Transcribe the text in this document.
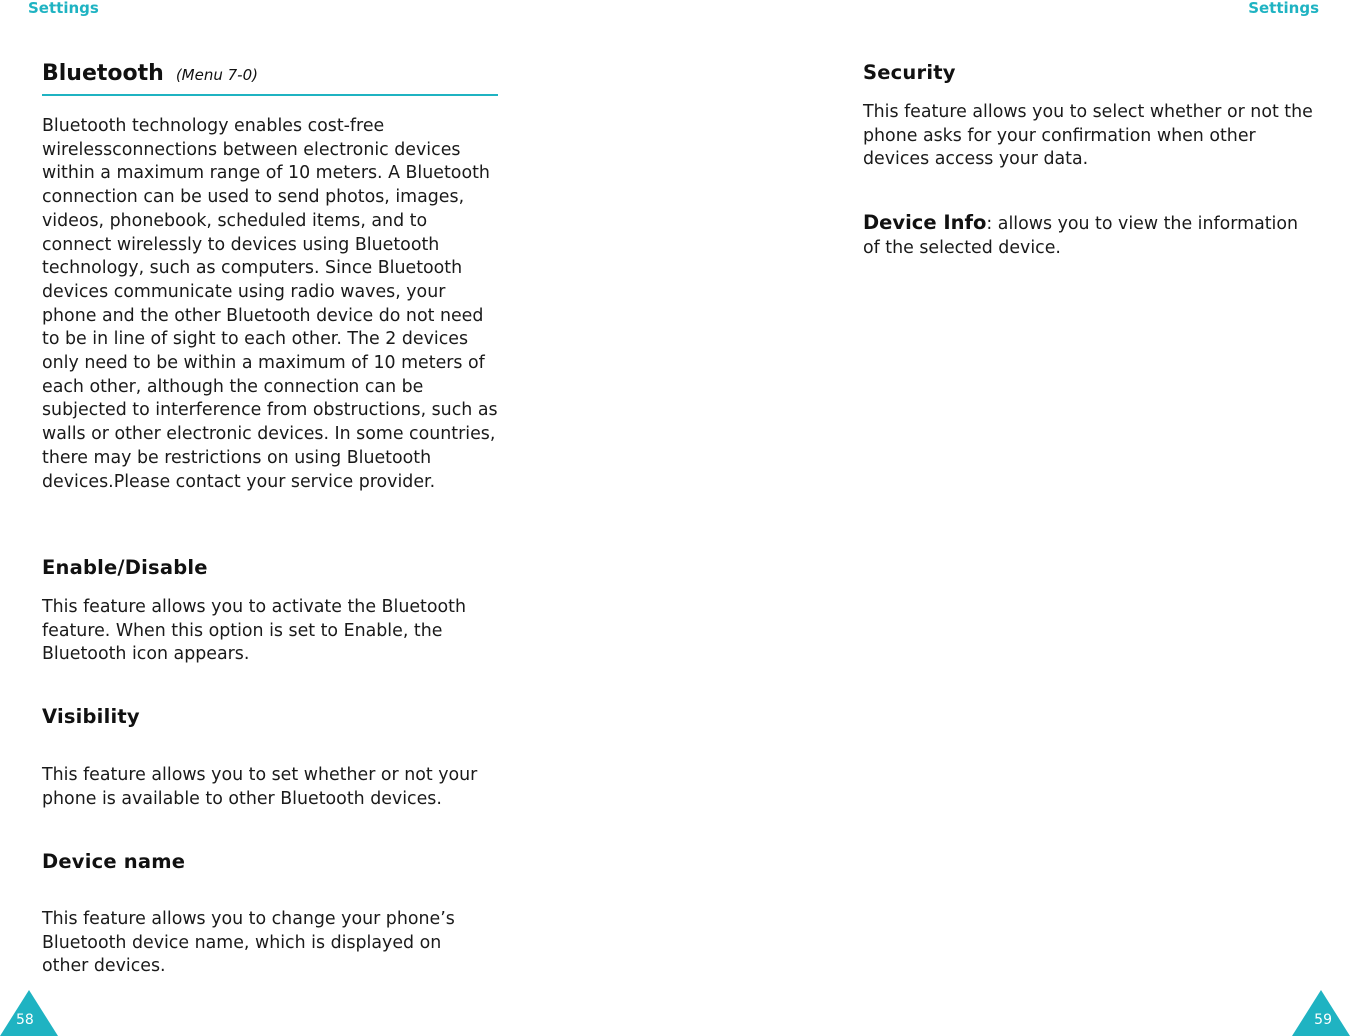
Settings	Settings
Bluetooth (Menu 7-0)

Bluetooth technology enables cost-free wirelessconnections between electronic devices within a maximum range of 10 meters. A Bluetooth connection can be used to send photos, images, videos, phonebook, scheduled items, and to connect wirelessly to devices using Bluetooth technology, such as computers. Since Bluetooth devices communicate using radio waves, your phone and the other Bluetooth device do not need to be in line of sight to each other. The 2 devices only need to be within a maximum of 10 meters of each other, although the connection can be subjected to interference from obstructions, such as walls or other electronic devices. In some countries, there may be restrictions on using Bluetooth devices.Please contact your service provider.

Enable/Disable

This feature allows you to activate the Bluetooth feature. When this option is set to Enable, the Bluetooth icon appears.

Visibility

This feature allows you to set whether or not your phone is available to other Bluetooth devices.

Device name

This feature allows you to change your phone’s Bluetooth device name, which is displayed on other devices.

Security

This feature allows you to select whether or not the phone asks for your confirmation when other devices access your data.

Device Info: allows you to view the information of the selected device.

58	59
